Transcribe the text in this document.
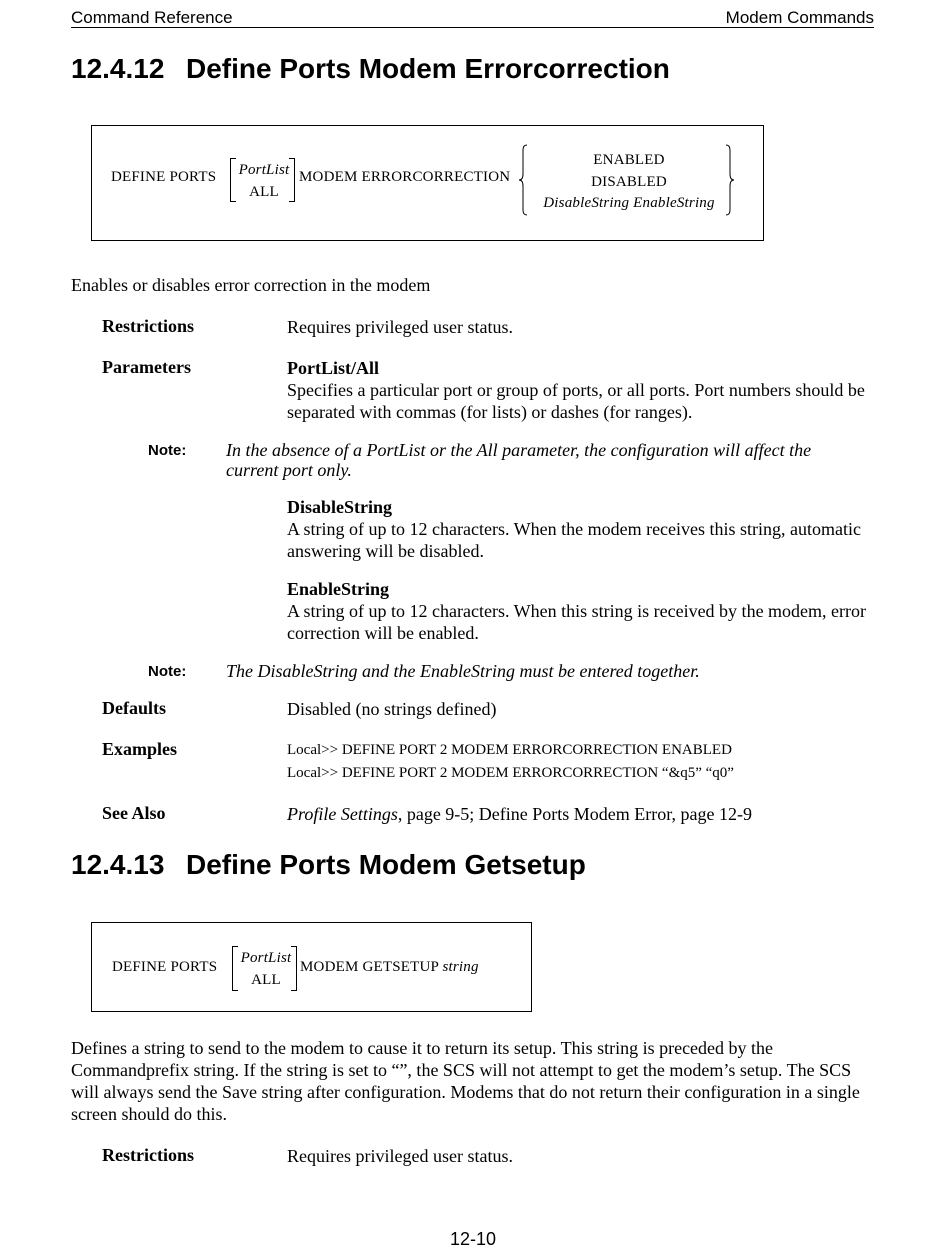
Command Reference	Modem Commands
12.4.12 Define Ports Modem Errorcorrection
DEFINE PORTS	PortList
ALL
MODEM ERRORCORRECTION
ENABLED
DISABLED
DisableString EnableString
Enables or disables error correction in the modem
Restrictions	Requires privileged user status.
Parameters	PortList/All
Specifies a particular port or group of ports, or all ports. Port numbers should be separated with commas (for lists) or dashes (for ranges).
Note: In the absence of a PortList or the All parameter, the configuration will affect the current port only.
DisableString
A string of up to 12 characters. When the modem receives this string, automatic answering will be disabled.
EnableString
A string of up to 12 characters. When this string is received by the modem, error correction will be enabled.
Note: The DisableString and the EnableString must be entered together.
Defaults	Disabled (no strings defined)
Examples	Local>> DEFINE PORT 2 MODEM ERRORCORRECTION ENABLED
Local>> DEFINE PORT 2 MODEM ERRORCORRECTION “&q5” “q0”
See Also	Profile Settings, page 9-5; Define Ports Modem Error, page 12-9
12.4.13 Define Ports Modem Getsetup
DEFINE PORTS
PortList
ALL
MODEM GETSETUP string
Defines a string to send to the modem to cause it to return its setup. This string is preceded by the Commandprefix string. If the string is set to “”, the SCS will not attempt to get the modem’s setup. The SCS will always send the Save string after configuration. Modems that do not return their configuration in a single screen should do this.
Restrictions	Requires privileged user status.
12-10
